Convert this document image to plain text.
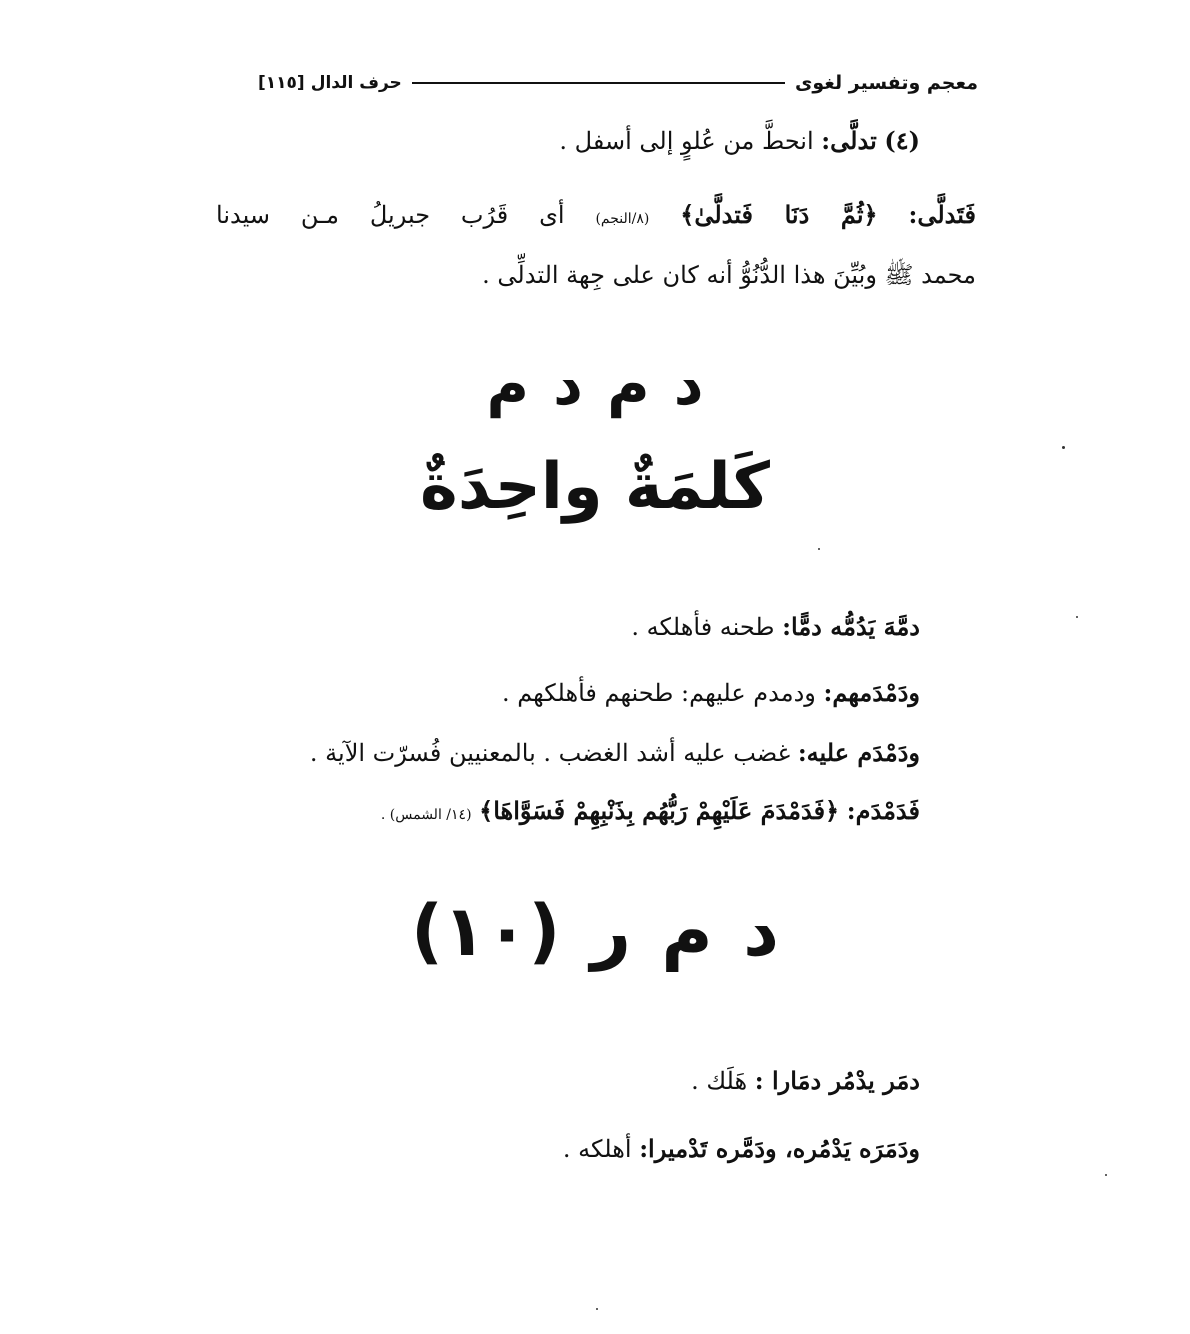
معجم وتفسير لغوى
حرف الدال
[١١٥]
(٤) تدلَّى: انحطَّ من عُلوٍ إلى أسفل .
فَتَدلَّى: ﴿ثُمَّ دَنَا فَتدلَّىٰ﴾ (٨/النجم) أى قَرُب جبريلُ مـن سيدنا
محمد ﷺ وبُيِّنَ هذا الدُّنُوُّ أنه كان على جِهة التدلِّى .
د م د م
كَلمَةٌ واحِدَةٌ
دمَّهَ يَدُمُّه دمًّا: طحنه فأهلكه .
ودَمْدَمهم: ودمدم عليهم: طحنهم فأهلكهم .
ودَمْدَم عليه: غضب عليه أشد الغضب . بالمعنيين فُسرّت الآية .
فَدَمْدَم: ﴿فَدَمْدَمَ عَلَيْهِمْ رَبُّهُم بِذَنْبِهِمْ فَسَوَّاهَا﴾ (١٤/ الشمس) .
د م ر (١٠)
دمَر يدْمُر دمَارا : هَلَك .
ودَمَرَه يَدْمُره، ودَمَّره تَدْميرا: أهلكه .
